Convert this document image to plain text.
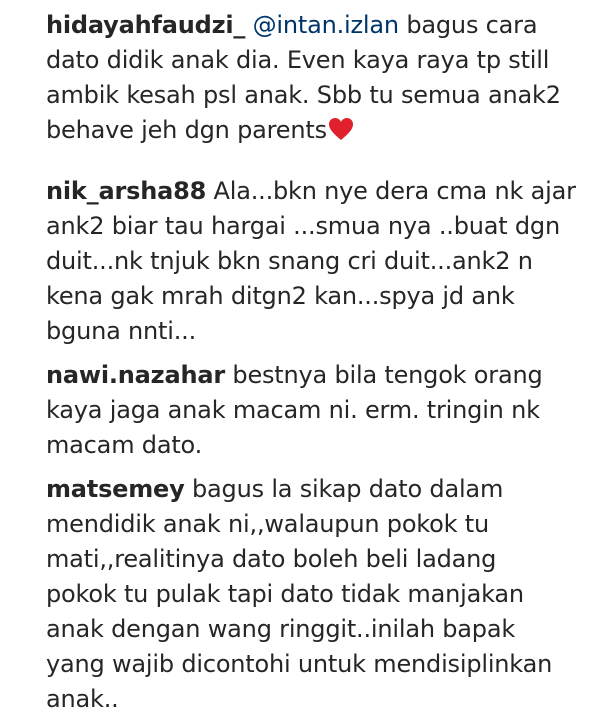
hidayahfaudzi_ @intan.izlan bagus cara
dato didik anak dia. Even kaya raya tp still
ambik kesah psl anak. Sbb tu semua anak2
behave jeh dgn parents
nik_arsha88 Ala...bkn nye dera cma nk ajar
ank2 biar tau hargai ...smua nya ..buat dgn
duit...nk tnjuk bkn snang cri duit...ank2 n
kena gak mrah ditgn2 kan...spya jd ank
bguna nnti...
nawi.nazahar bestnya bila tengok orang
kaya jaga anak macam ni. erm. tringin nk
macam dato.
matsemey bagus la sikap dato dalam
mendidik anak ni,,walaupun pokok tu
mati,,realitinya dato boleh beli ladang
pokok tu pulak tapi dato tidak manjakan
anak dengan wang ringgit..inilah bapak
yang wajib dicontohi untuk mendisiplinkan
anak..
